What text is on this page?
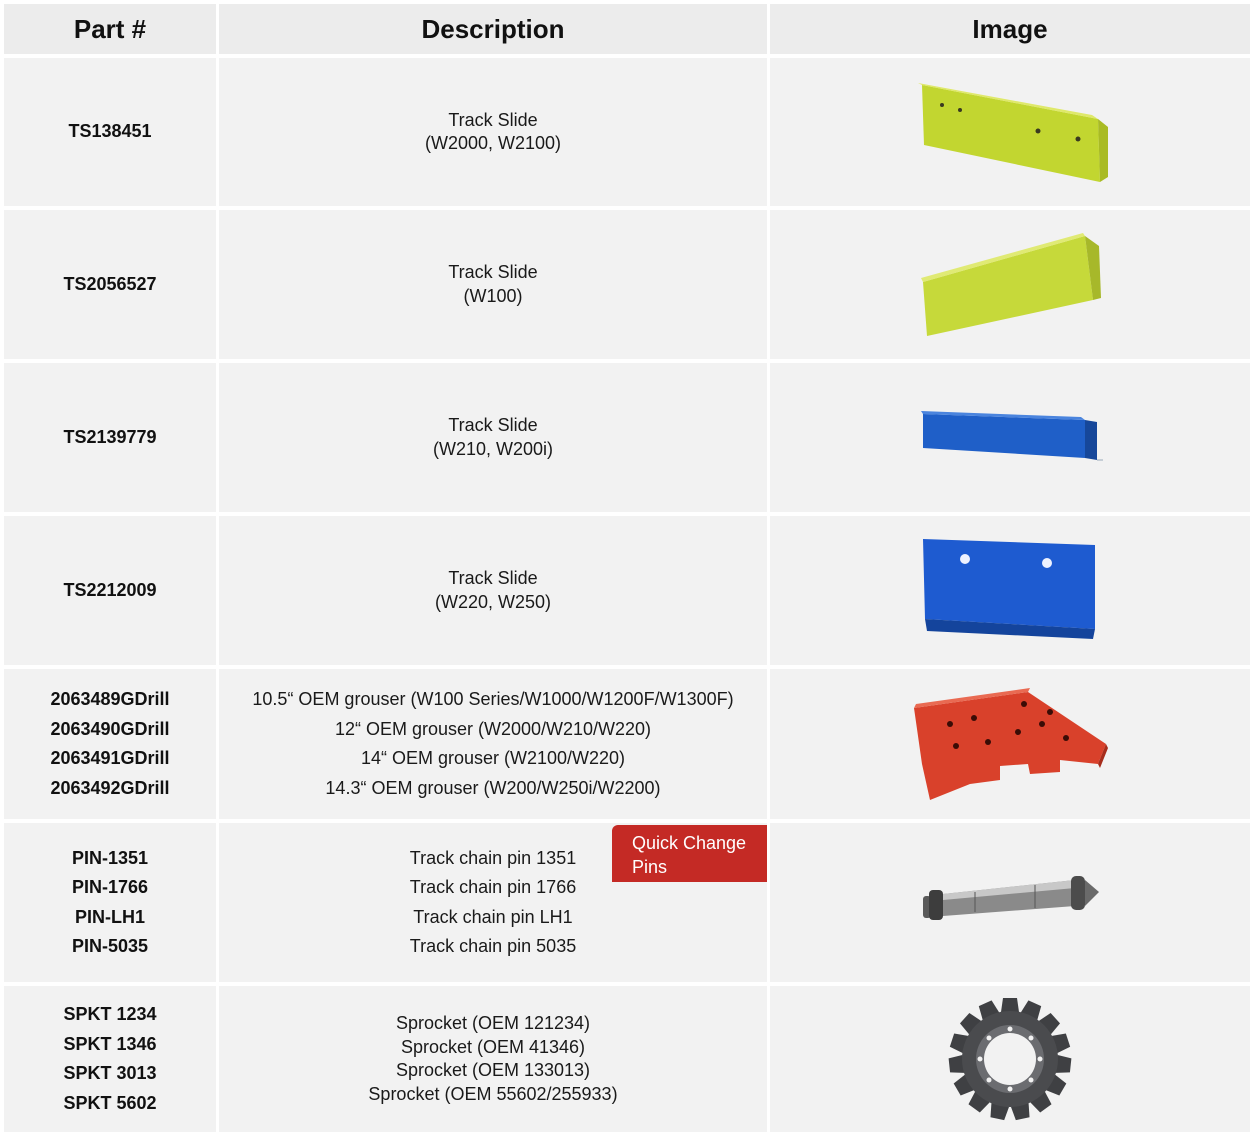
Part #	Description	Image
TS138451
Track Slide
(W2000, W2100)
TS2056527
Track Slide
(W100)
TS2139779
Track Slide
(W210, W200i)
TS2212009
Track Slide
(W220, W250)
2063489GDrill
2063490GDrill
2063491GDrill
2063492GDrill
10.5“ OEM grouser (W100 Series/W1000/W1200F/W1300F)
12“ OEM grouser (W2000/W210/W220)
14“ OEM grouser (W2100/W220)
14.3“ OEM grouser (W200/W250i/W2200)
PIN-1351
PIN-1766
PIN-LH1
PIN-5035
Track chain pin 1351
Track chain pin 1766
Track chain pin LH1
Track chain pin 5035
Quick Change Pins
SPKT 1234
SPKT 1346
SPKT 3013
SPKT 5602
Sprocket (OEM 121234)
Sprocket (OEM 41346)
Sprocket (OEM 133013)
Sprocket (OEM 55602/255933)
